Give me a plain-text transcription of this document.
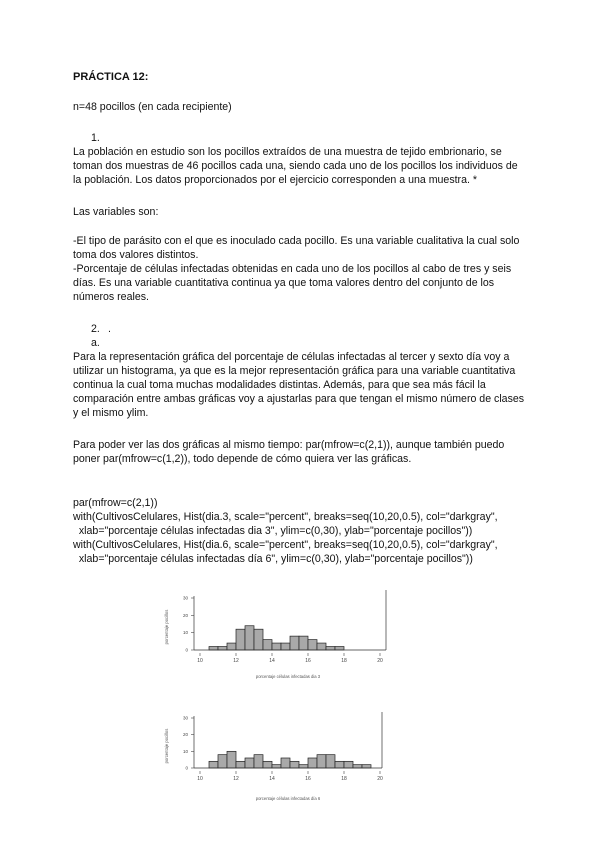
PRÁCTICA 12:

n=48 pocillos (en cada recipiente)

1.

La población en estudio son los pocillos extraídos de una muestra de tejido embrionario, se toman dos muestras de 46 pocillos cada una, siendo cada uno de los pocillos los individuos de la población. Los datos proporcionados por el ejercicio corresponden a una muestra. *

Las variables son:

-El tipo de parásito con el que es inoculado cada pocillo. Es una variable cualitativa la cual solo toma dos valores distintos.

-Porcentaje de células infectadas obtenidas en cada uno de los pocillos al cabo de tres y seis días. Es una variable cuantitativa continua ya que toma valores dentro del conjunto de los números reales.

2. .
a.

Para la representación gráfica del porcentaje de células infectadas al tercer y sexto día voy a utilizar un histograma, ya que es la mejor representación gráfica para una variable cuantitativa continua la cual toma muchas modalidades distintas. Además, para que sea más fácil la comparación entre ambas gráficas voy a ajustarlas para que tengan el mismo número de clases y el mismo ylim.

Para poder ver las dos gráficas al mismo tiempo: par(mfrow=c(2,1)), aunque también puedo poner par(mfrow=c(1,2)), todo depende de cómo quiera ver las gráficas.

par(mfrow=c(2,1))

with(CultivosCelulares, Hist(dia.3, scale="percent", breaks=seq(10,20,0.5), col="darkgray",

xlab="porcentaje células infectadas dia 3", ylim=c(0,30), ylab="porcentaje pocillos"))

with(CultivosCelulares, Hist(dia.6, scale="percent", breaks=seq(10,20,0.5), col="darkgray",

xlab="porcentaje células infectadas día 6", ylim=c(0,30), ylab="porcentaje pocillos"))

10	12	14	16	18	20
0
10
20
30
porcentaje pocillos
porcentaje células infectadas dia 3
10	12	14	16	18	20
0
10
20
30
porcentaje pocillos
porcentaje células infectadas día 6
